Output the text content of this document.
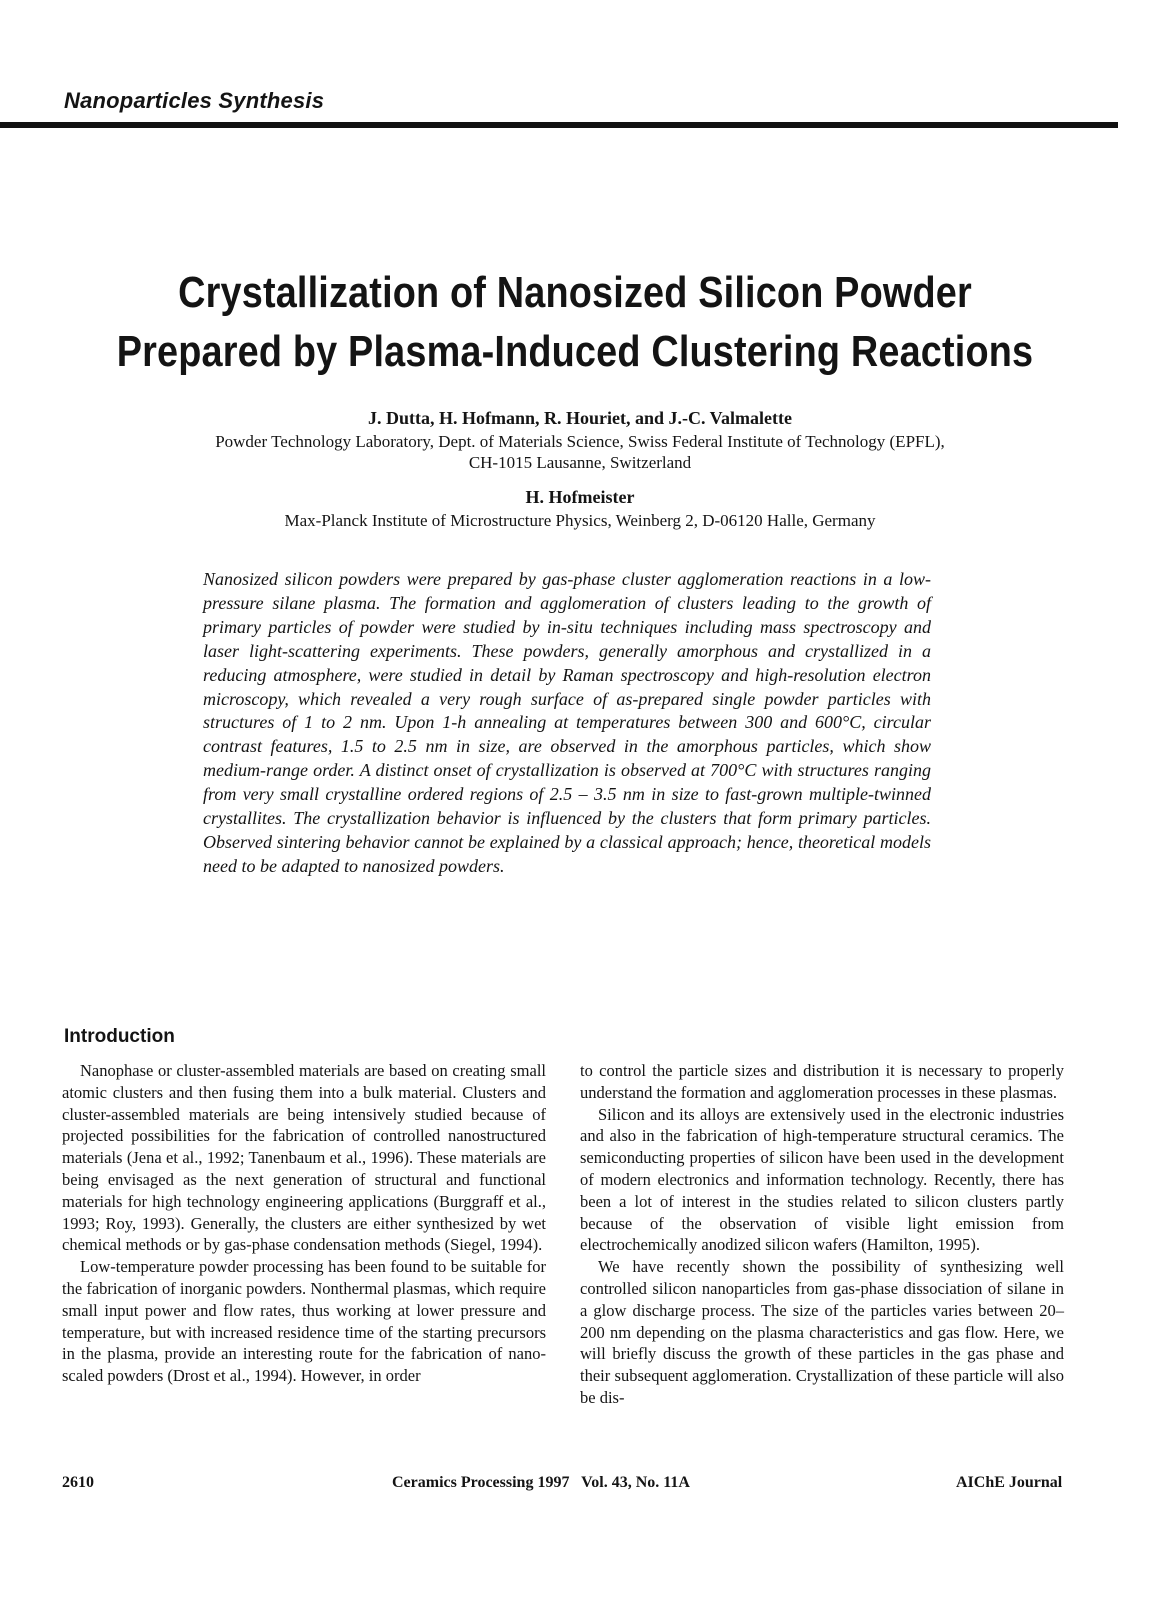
Nanoparticles Synthesis
Crystallization of Nanosized Silicon Powder
Prepared by Plasma-Induced Clustering Reactions
J. Dutta, H. Hofmann, R. Houriet, and J.-C. Valmalette
Powder Technology Laboratory, Dept. of Materials Science, Swiss Federal Institute of Technology (EPFL),
CH-1015 Lausanne, Switzerland
H. Hofmeister
Max-Planck Institute of Microstructure Physics, Weinberg 2, D-06120 Halle, Germany
Nanosized silicon powders were prepared by gas-phase cluster agglomeration reactions in a low-pressure silane plasma. The formation and agglomeration of clusters leading to the growth of primary particles of powder were studied by in-situ techniques including mass spectroscopy and laser light-scattering experiments. These powders, generally amorphous and crystallized in a reducing atmosphere, were studied in detail by Raman spectroscopy and high-resolution electron microscopy, which revealed a very rough surface of as-prepared single powder particles with structures of 1 to 2 nm. Upon 1-h annealing at temperatures between 300 and 600°C, circular contrast features, 1.5 to 2.5 nm in size, are observed in the amorphous particles, which show medium-range order. A distinct onset of crystallization is observed at 700°C with structures ranging from very small crystalline ordered regions of 2.5 – 3.5 nm in size to fast-grown multiple-twinned crystallites. The crystallization behavior is influenced by the clusters that form primary particles. Observed sintering behavior cannot be explained by a classical approach; hence, theoretical models need to be adapted to nanosized powders.
Introduction

Nanophase or cluster-assembled materials are based on creating small atomic clusters and then fusing them into a bulk material. Clusters and cluster-assembled materials are being intensively studied because of projected possibilities for the fabrication of controlled nanostructured materials (Jena et al., 1992; Tanenbaum et al., 1996). These materials are being envisaged as the next generation of structural and functional materials for high technology engineering applications (Burggraff et al., 1993; Roy, 1993). Generally, the clusters are either synthesized by wet chemical methods or by gas-phase condensation methods (Siegel, 1994).

Low-temperature powder processing has been found to be suitable for the fabrication of inorganic powders. Nonthermal plasmas, which require small input power and flow rates, thus working at lower pressure and temperature, but with increased residence time of the starting precursors in the plasma, provide an interesting route for the fabrication of nano-scaled powders (Drost et al., 1994). However, in order

to control the particle sizes and distribution it is necessary to properly understand the formation and agglomeration processes in these plasmas.

Silicon and its alloys are extensively used in the electronic industries and also in the fabrication of high-temperature structural ceramics. The semiconducting properties of silicon have been used in the development of modern electronics and information technology. Recently, there has been a lot of interest in the studies related to silicon clusters partly because of the observation of visible light emission from electrochemically anodized silicon wafers (Hamilton, 1995).

We have recently shown the possibility of synthesizing well controlled silicon nanoparticles from gas-phase dissociation of silane in a glow discharge process. The size of the particles varies between 20–200 nm depending on the plasma characteristics and gas flow. Here, we will briefly discuss the growth of these particles in the gas phase and their subsequent agglomeration. Crystallization of these particle will also be dis-

2610	Ceramics Processing 1997   Vol. 43, No. 11A	AIChE Journal
